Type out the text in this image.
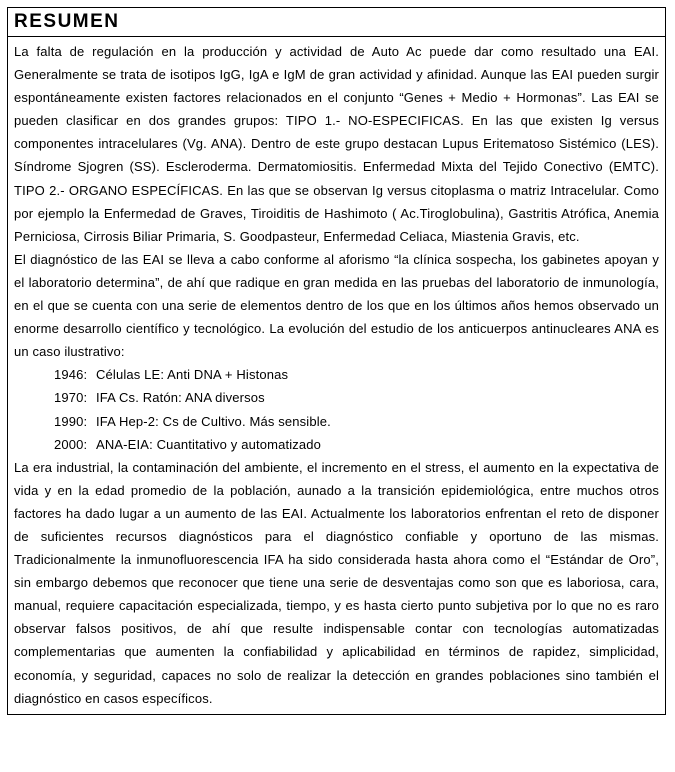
RESUMEN

La falta de regulación en la producción y actividad de Auto Ac puede dar como resultado una EAI. Generalmente se trata de isotipos IgG, IgA e IgM de gran actividad y afinidad. Aunque las EAI pueden surgir espontáneamente existen factores relacionados en el conjunto “Genes + Medio + Hormonas”. Las EAI se pueden clasificar en dos grandes grupos: TIPO 1.- NO-ESPECIFICAS. En las que existen Ig versus componentes intracelulares (Vg. ANA). Dentro de este grupo destacan Lupus Eritematoso Sistémico (LES). Síndrome Sjogren (SS). Escleroderma. Dermatomiositis. Enfermedad Mixta del Tejido Conectivo (EMTC). TIPO 2.- ORGANO ESPECÍFICAS. En las que se observan Ig versus citoplasma o matriz Intracelular. Como por ejemplo la Enfermedad de Graves, Tiroiditis de Hashimoto ( Ac.Tiroglobulina), Gastritis Atrófica, Anemia Perniciosa, Cirrosis Biliar Primaria, S. Goodpasteur, Enfermedad Celiaca, Miastenia Gravis, etc.

El diagnóstico de las EAI se lleva a cabo conforme al aforismo “la clínica sospecha, los gabinetes apoyan y el laboratorio determina”, de ahí que radique en gran medida en las pruebas del laboratorio de inmunología, en el que se cuenta con una serie de elementos dentro de los que en los últimos años hemos observado un enorme desarrollo científico y tecnológico. La evolución del estudio de los anticuerpos antinucleares ANA es un caso ilustrativo:

1946: Células LE: Anti DNA + Histonas
1970: IFA Cs. Ratón: ANA diversos
1990: IFA Hep-2: Cs de Cultivo. Más sensible.
2000: ANA-EIA: Cuantitativo y automatizado

La era industrial, la contaminación del ambiente, el incremento en el stress, el aumento en la expectativa de vida y en la edad promedio de la población, aunado a la transición epidemiológica, entre muchos otros factores ha dado lugar a un aumento de las EAI. Actualmente los laboratorios enfrentan el reto de disponer de suficientes recursos diagnósticos para el diagnóstico confiable y oportuno de las mismas. Tradicionalmente la inmunofluorescencia IFA ha sido considerada hasta ahora como el “Estándar de Oro”, sin embargo debemos que reconocer que tiene una serie de desventajas como son que es laboriosa, cara, manual, requiere capacitación especializada, tiempo, y es hasta cierto punto subjetiva por lo que no es raro observar falsos positivos, de ahí que resulte indispensable contar con tecnologías automatizadas complementarias que aumenten la confiabilidad y aplicabilidad en términos de rapidez, simplicidad, economía, y seguridad, capaces no solo de realizar la detección en grandes poblaciones sino también el diagnóstico en casos específicos.
